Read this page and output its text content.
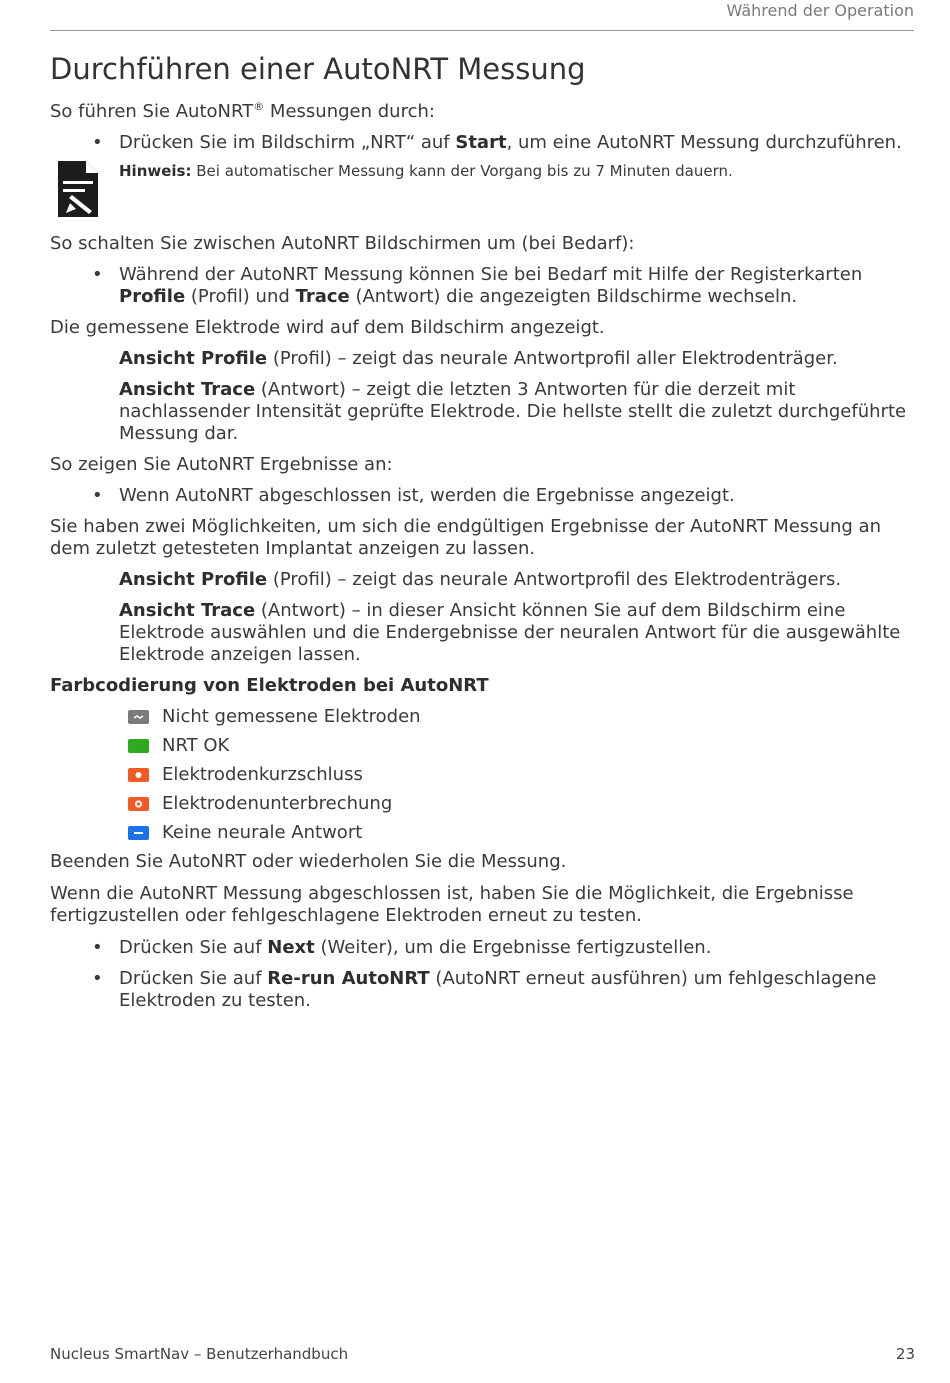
Während der Operation
Durchführen einer AutoNRT Messung

So führen Sie AutoNRT® Messungen durch:

• Drücken Sie im Bildschirm „NRT“ auf Start, um eine AutoNRT Messung durchzuführen.
Hinweis: Bei automatischer Messung kann der Vorgang bis zu 7 Minuten dauern.

So schalten Sie zwischen AutoNRT Bildschirmen um (bei Bedarf):

• Während der AutoNRT Messung können Sie bei Bedarf mit Hilfe der Registerkarten Profile (Profil) und Trace (Antwort) die angezeigten Bildschirme wechseln.

Die gemessene Elektrode wird auf dem Bildschirm angezeigt.

Ansicht Profile (Profil) – zeigt das neurale Antwortprofil aller Elektrodenträger.

Ansicht Trace (Antwort) – zeigt die letzten 3 Antworten für die derzeit mit nachlassender Intensität geprüfte Elektrode. Die hellste stellt die zuletzt durchgeführte Messung dar.

So zeigen Sie AutoNRT Ergebnisse an:

• Wenn AutoNRT abgeschlossen ist, werden die Ergebnisse angezeigt.

Sie haben zwei Möglichkeiten, um sich die endgültigen Ergebnisse der AutoNRT Messung an dem zuletzt getesteten Implantat anzeigen zu lassen.

Ansicht Profile (Profil) – zeigt das neurale Antwortprofil des Elektrodenträgers.

Ansicht Trace (Antwort) – in dieser Ansicht können Sie auf dem Bildschirm eine Elektrode auswählen und die Endergebnisse der neuralen Antwort für die ausgewählte Elektrode anzeigen lassen.

Farbcodierung von Elektroden bei AutoNRT
Nicht gemessene Elektroden
NRT OK
Elektrodenkurzschluss
Elektrodenunterbrechung
Keine neurale Antwort

Beenden Sie AutoNRT oder wiederholen Sie die Messung.

Wenn die AutoNRT Messung abgeschlossen ist, haben Sie die Möglichkeit, die Ergebnisse fertigzustellen oder fehlgeschlagene Elektroden erneut zu testen.

• Drücken Sie auf Next (Weiter), um die Ergebnisse fertigzustellen.
• Drücken Sie auf Re-run AutoNRT (AutoNRT erneut ausführen) um fehlgeschlagene Elektroden zu testen.
Nucleus SmartNav – Benutzerhandbuch	23
